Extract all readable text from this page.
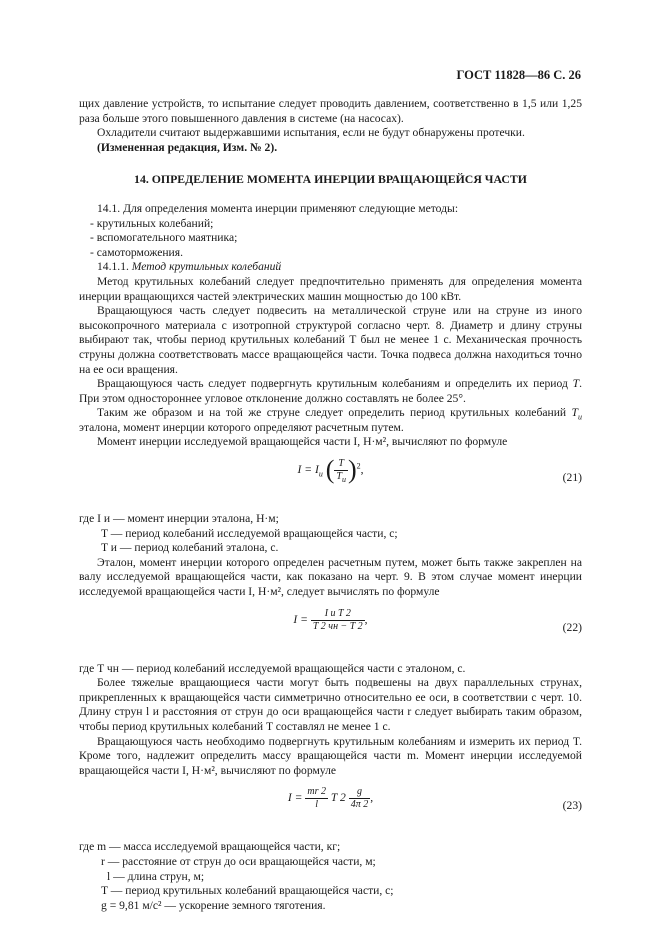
ГОСТ 11828—86 С. 26

щих давление устройств, то испытание следует проводить давлением, соответственно в 1,5 или 1,25 раза больше этого повышенного давления в системе (на насосах).

Охладители считают выдержавшими испытания, если не будут обнаружены протечки.

(Измененная редакция, Изм. № 2).

14. ОПРЕДЕЛЕНИЕ МОМЕНТА ИНЕРЦИИ ВРАЩАЮЩЕЙСЯ ЧАСТИ

14.1. Для определения момента инерции применяют следующие методы:

- крутильных колебаний;

- вспомогательного маятника;

- самоторможения.

14.1.1. Метод крутильных колебаний

Метод крутильных колебаний следует предпочтительно применять для определения момента инерции вращающихся частей электрических машин мощностью до 100 кВт.

Вращающуюся часть следует подвесить на металлической струне или на струне из иного высокопрочного материала с изотропной структурой согласно черт. 8. Диаметр и длину струны выбирают так, чтобы период крутильных колебаний T был не менее 1 с. Механическая прочность струны должна соответствовать массе вращающейся части. Точка подвеса должна находиться точно на ее оси вращения.

Вращающуюся часть следует подвергнуть крутильным колебаниям и определить их период T. При этом одностороннее угловое отклонение должно составлять не более 25°.

Таким же образом и на той же струне следует определить период крутильных колебаний $T_и$ эталона, момент инерции которого определяют расчетным путем.

Момент инерции исследуемой вращающейся части I, Н·м², вычисляют по формуле

$I = I_и$ ( $\frac{T}{T_и} )^2$,
(21)

где I и — момент инерции эталона, Н·м;

T — период колебаний исследуемой вращающейся части, с;

T и — период колебаний эталона, с.

Эталон, момент инерции которого определен расчетным путем, может быть также закреплен на валу исследуемой вращающейся части, как показано на черт. 9. В этом случае момент инерции исследуемой вращающейся части I, Н·м², следует вычислять по формуле

$I = \frac{\text{I и T 2}}{T 2 чн - T 2}$ ,
(22)

где T чн — период колебаний исследуемой вращающейся части с эталоном, с.

Более тяжелые вращающиеся части могут быть подвешены на двух параллельных струнах, прикрепленных к вращающейся части симметрично относительно ее оси, в соответствии с черт. 10. Длину струн l и расстояния от струн до оси вращающейся части r следует выбирать таким образом, чтобы период крутильных колебаний T составлял не менее 1 с.

Вращающуюся часть необходимо подвергнуть крутильным колебаниям и измерить их период T. Кроме того, надлежит определить массу вращающейся части m. Момент инерции исследуемой вращающейся части I, Н·м², вычисляют по формуле

$I = \frac{mr 2}{l}$ T $2 \frac{g}{4\pi 2}$ ,
(23)

где m — масса исследуемой вращающейся части, кг;

r — расстояние от струн до оси вращающейся части, м;

l — длина струн, м;

T — период крутильных колебаний вращающейся части, с;

g = 9,81 м/с² — ускорение земного тяготения.
